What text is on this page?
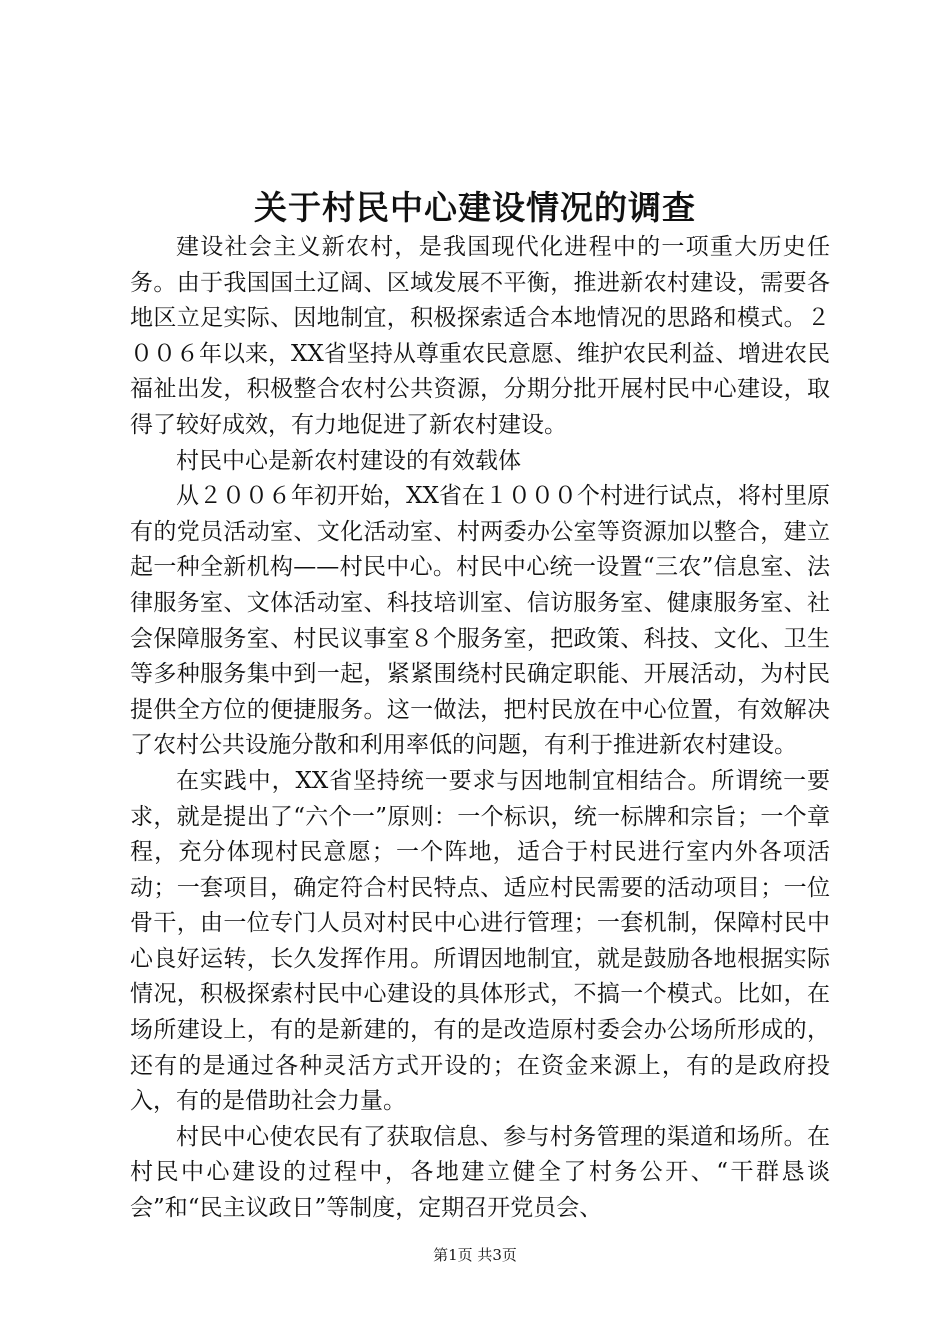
关于村民中心建设情况的调查

建设社会主义新农村，是我国现代化进程中的一项重大历史任务。由于我国国土辽阔、区域发展不平衡，推进新农村建设，需要各地区立足实际、因地制宜，积极探索适合本地情况的思路和模式。２００６年以来，XX省坚持从尊重农民意愿、维护农民利益、增进农民福祉出发，积极整合农村公共资源，分期分批开展村民中心建设，取得了较好成效，有力地促进了新农村建设。

村民中心是新农村建设的有效载体

从２００６年初开始，XX省在１０００个村进行试点，将村里原有的党员活动室、文化活动室、村两委办公室等资源加以整合，建立起一种全新机构——村民中心。村民中心统一设置“三农”信息室、法律服务室、文体活动室、科技培训室、信访服务室、健康服务室、社会保障服务室、村民议事室８个服务室，把政策、科技、文化、卫生等多种服务集中到一起，紧紧围绕村民确定职能、开展活动，为村民提供全方位的便捷服务。这一做法，把村民放在中心位置，有效解决了农村公共设施分散和利用率低的问题，有利于推进新农村建设。

在实践中，XX省坚持统一要求与因地制宜相结合。所谓统一要求，就是提出了“六个一”原则：一个标识，统一标牌和宗旨；一个章程，充分体现村民意愿；一个阵地，适合于村民进行室内外各项活动；一套项目，确定符合村民特点、适应村民需要的活动项目；一位骨干，由一位专门人员对村民中心进行管理；一套机制，保障村民中心良好运转，长久发挥作用。所谓因地制宜，就是鼓励各地根据实际情况，积极探索村民中心建设的具体形式，不搞一个模式。比如，在场所建设上，有的是新建的，有的是改造原村委会办公场所形成的，还有的是通过各种灵活方式开设的；在资金来源上，有的是政府投入，有的是借助社会力量。

村民中心使农民有了获取信息、参与村务管理的渠道和场所。在村民中心建设的过程中，各地建立健全了村务公开、“干群恳谈会”和“民主议政日”等制度，定期召开党员会、

第1页 共3页
